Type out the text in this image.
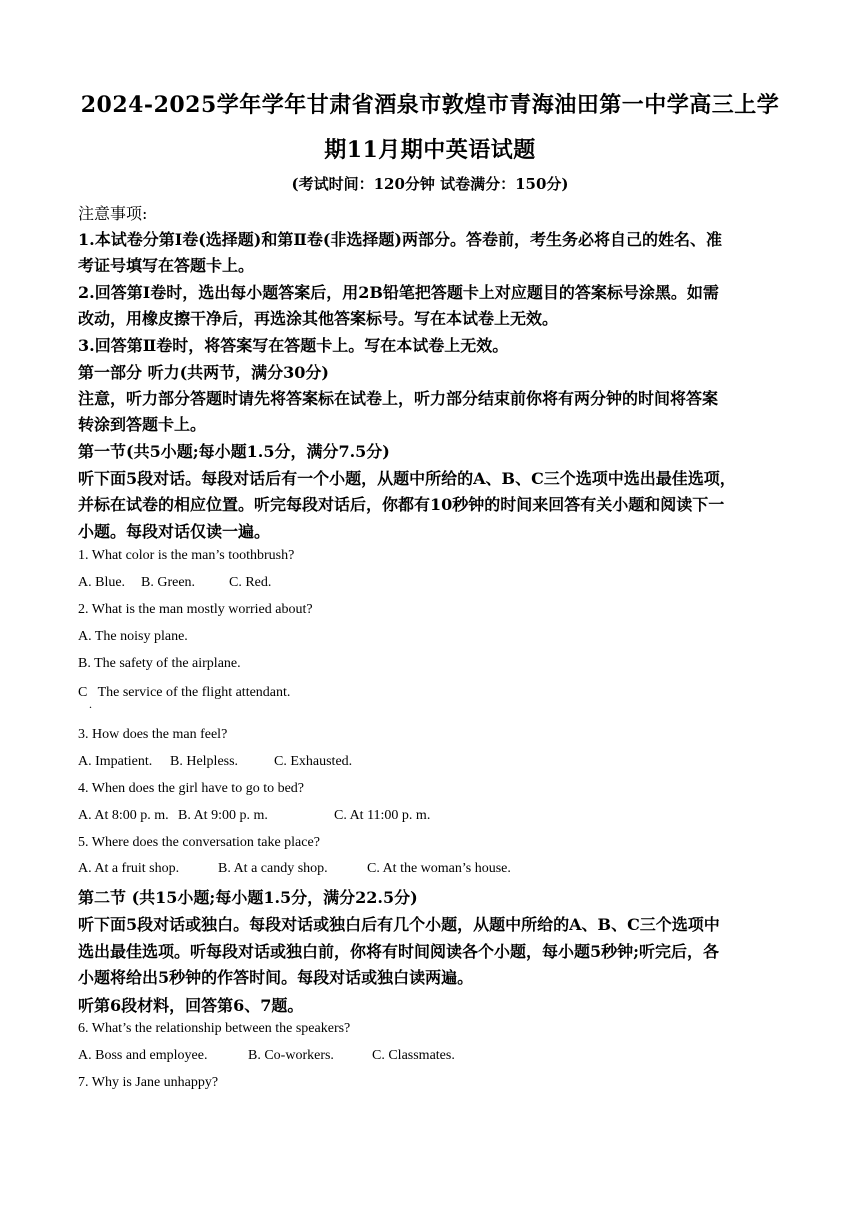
2024-2025学年学年甘肃省酒泉市敦煌市青海油田第一中学高三上学
期11月期中英语试题
(考试时间：120分钟 试卷满分：150分)
注意事项:
1.本试卷分第Ⅰ卷(选择题)和第Ⅱ卷(非选择题)两部分。答卷前，考生务必将自己的姓名、准
考证号填写在答题卡上。
2.回答第Ⅰ卷时，选出每小题答案后，用2B铅笔把答题卡上对应题目的答案标号涂黑。如需
改动，用橡皮擦干净后，再选涂其他答案标号。写在本试卷上无效。
3.回答第Ⅱ卷时，将答案写在答题卡上。写在本试卷上无效。
第一部分 听力(共两节，满分30分)
注意，听力部分答题时请先将答案标在试卷上，听力部分结束前你将有两分钟的时间将答案
转涂到答题卡上。
第一节(共5小题;每小题1.5分，满分7.5分)
听下面5段对话。每段对话后有一个小题，从题中所给的A、B、C三个选项中选出最佳选项，
并标在试卷的相应位置。听完每段对话后，你都有10秒钟的时间来回答有关小题和阅读下一
小题。每段对话仅读一遍。
1. What color is the man’s toothbrush?
A. Blue. B. Green. C. Red.
2. What is the man mostly worried about?
A. The noisy plane.
B. The safety of the airplane.
C   The service of the flight attendant.
.
3. How does the man feel?
A. Impatient. B. Helpless.	C. Exhausted.
4. When does the girl have to go to bed?
A. At 8:00 p. m. B. At 9:00 p. m.	C. At 11:00 p. m.
5. Where does the conversation take place?
A. At a fruit shop.	B. At a candy shop.	C. At the woman’s house.
第二节 (共15小题;每小题1.5分，满分22.5分)
听下面5段对话或独白。每段对话或独白后有几个小题，从题中所给的A、B、C三个选项中
选出最佳选项。听每段对话或独白前，你将有时间阅读各个小题，每小题5秒钟;听完后，各
小题将给出5秒钟的作答时间。每段对话或独白读两遍。
听第6段材料，回答第6、7题。
6. What’s the relationship between the speakers?
A. Boss and employee.	B. Co-workers.	C. Classmates.
7. Why is Jane unhappy?
